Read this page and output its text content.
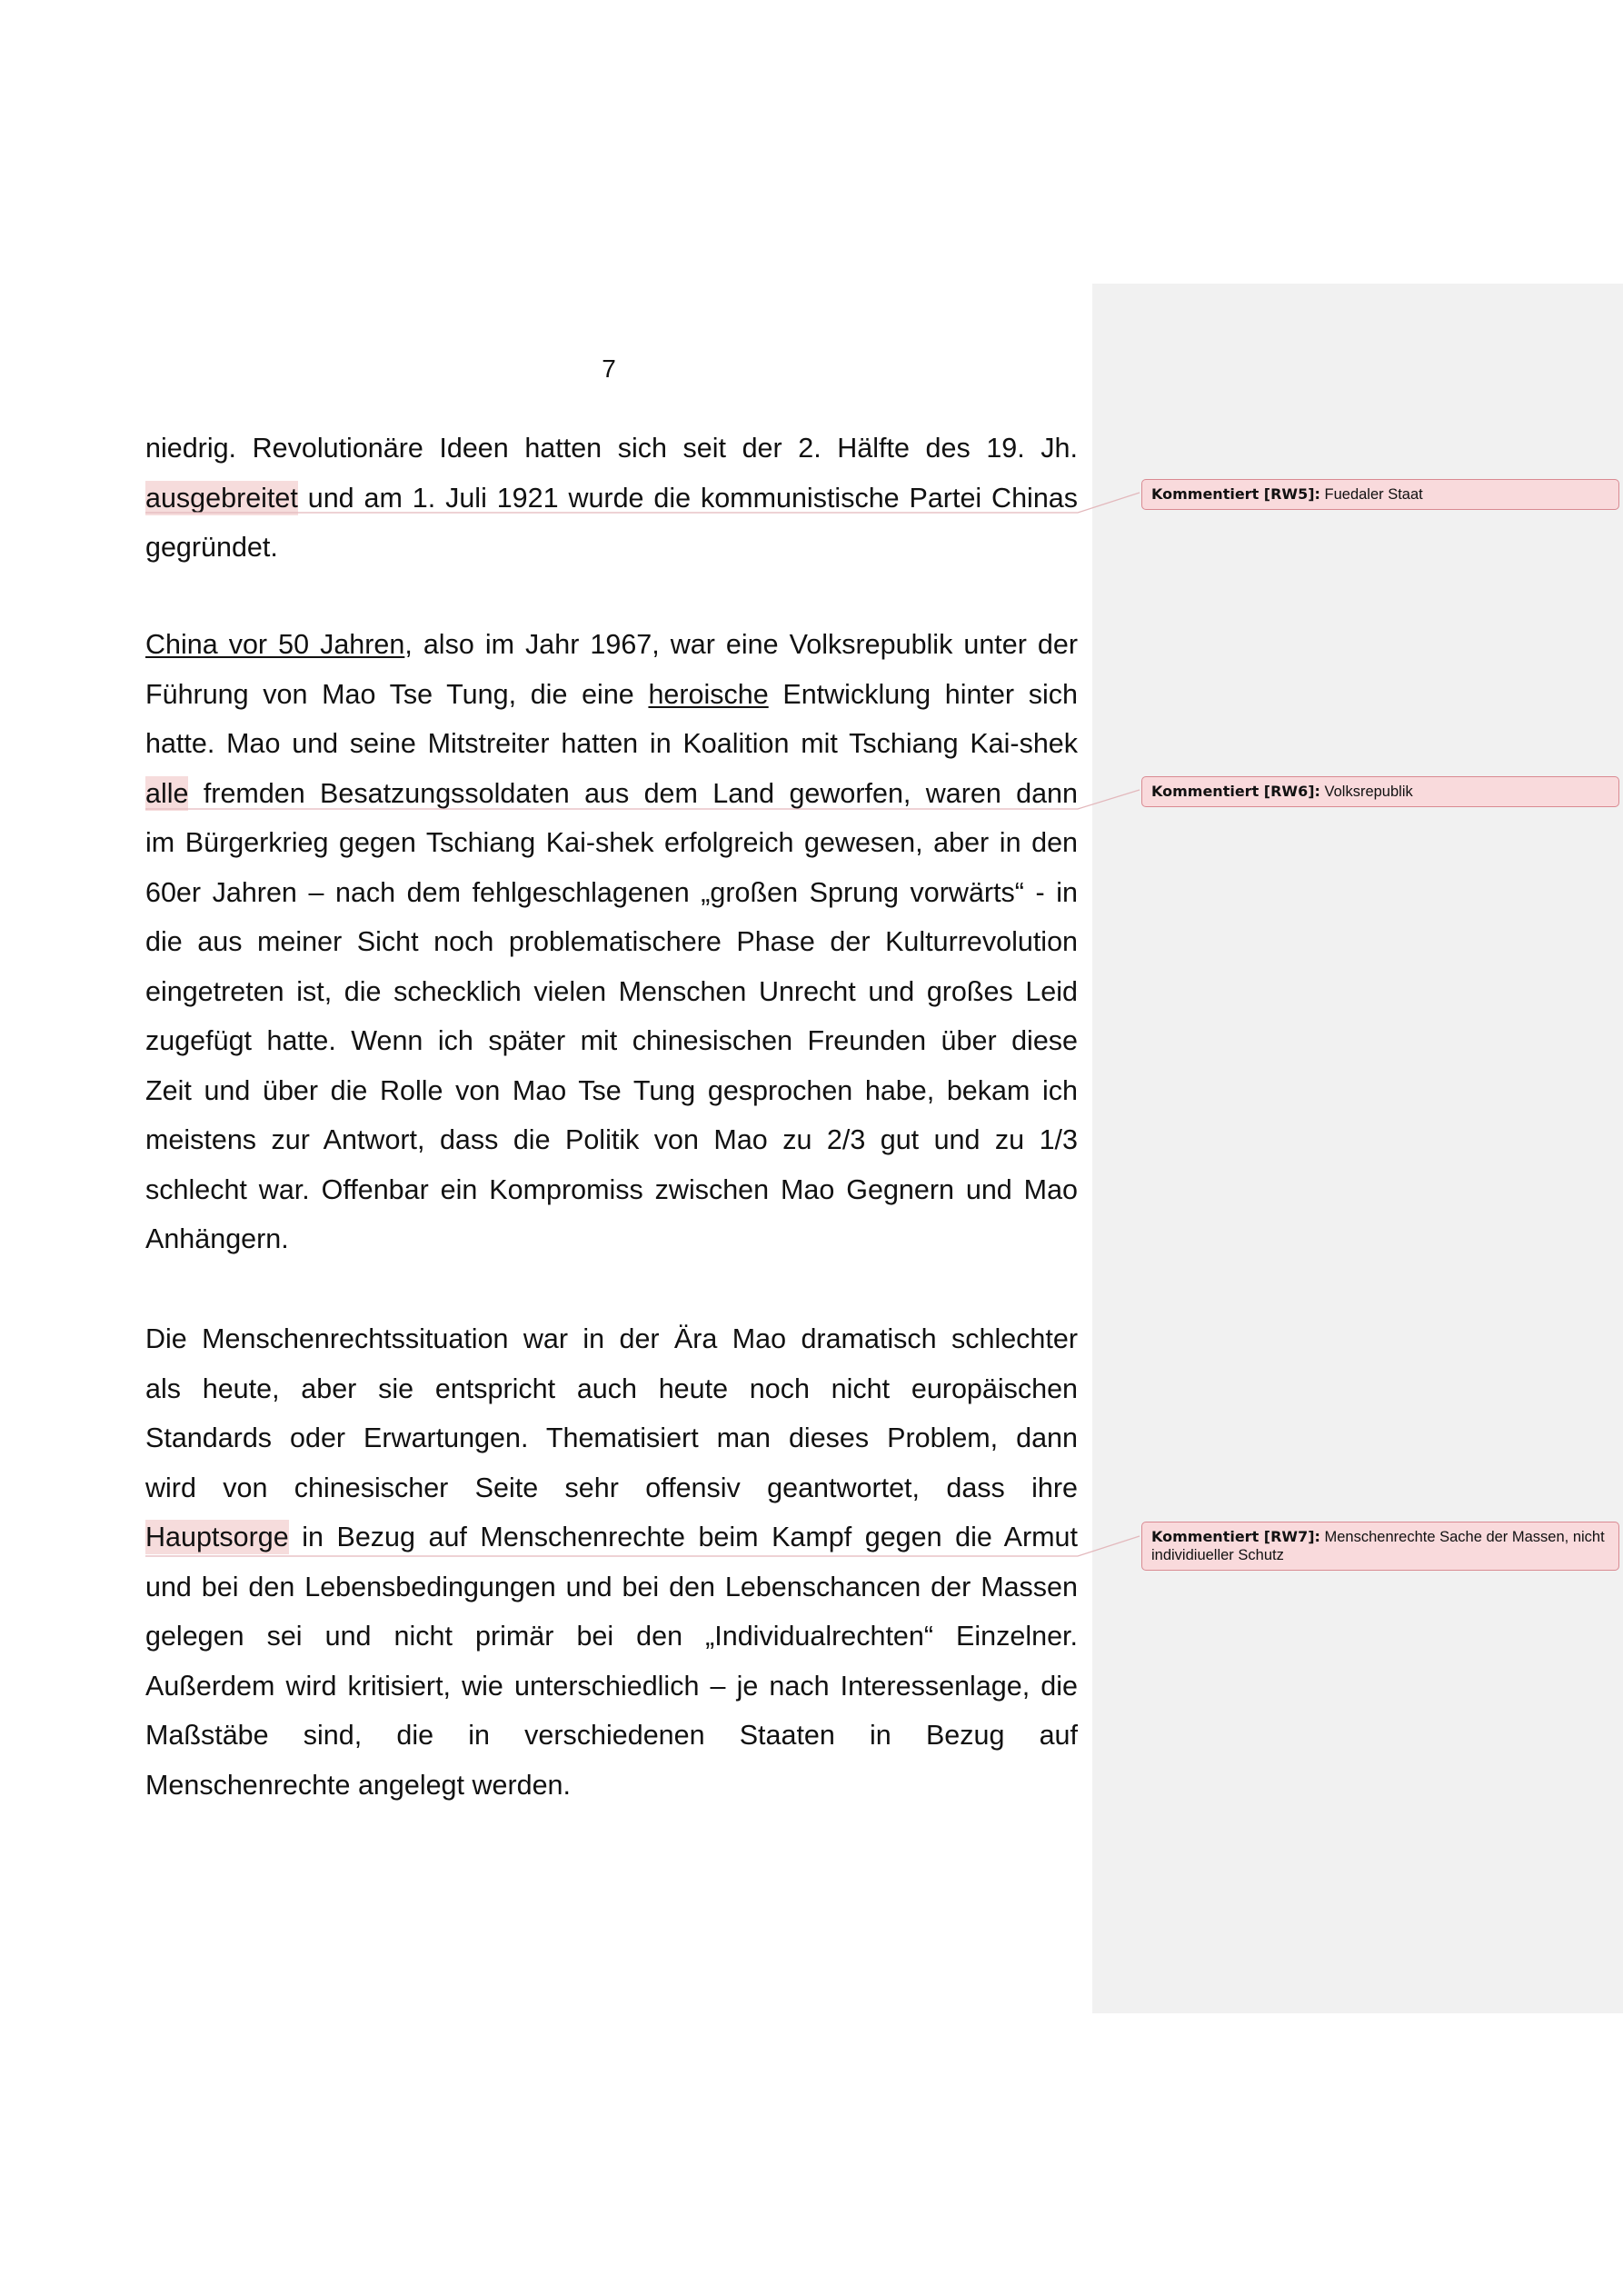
7
niedrig. Revolutionäre Ideen hatten sich seit der 2. Hälfte des 19. Jh.
ausgebreitet und am 1. Juli 1921 wurde die kommunistische Partei Chinas
gegründet.
China vor 50 Jahren, also im Jahr 1967, war eine Volksrepublik unter der
Führung von Mao Tse Tung, die eine heroische Entwicklung hinter sich
hatte. Mao und seine Mitstreiter hatten in Koalition mit Tschiang Kai-shek
alle fremden Besatzungssoldaten aus dem Land geworfen, waren dann
im Bürgerkrieg gegen Tschiang Kai-shek erfolgreich gewesen, aber in den
60er Jahren – nach dem fehlgeschlagenen „großen Sprung vorwärts“ - in
die aus meiner Sicht noch problematischere Phase der Kulturrevolution
eingetreten ist, die schecklich vielen Menschen Unrecht und großes Leid
zugefügt hatte. Wenn ich später mit chinesischen Freunden über diese
Zeit und über die Rolle von Mao Tse Tung gesprochen habe, bekam ich
meistens zur Antwort, dass die Politik von Mao zu 2/3 gut und zu 1/3
schlecht war. Offenbar ein Kompromiss zwischen Mao Gegnern und Mao
Anhängern.
Die Menschenrechtssituation war in der Ära Mao dramatisch schlechter
als heute, aber sie entspricht auch heute noch nicht europäischen
Standards oder Erwartungen. Thematisiert man dieses Problem, dann
wird von chinesischer Seite sehr offensiv geantwortet, dass ihre
Hauptsorge in Bezug auf Menschenrechte beim Kampf gegen die Armut
und bei den Lebensbedingungen und bei den Lebenschancen der Massen
gelegen sei und nicht primär bei den „Individualrechten“ Einzelner.
Außerdem wird kritisiert, wie unterschiedlich – je nach Interessenlage, die
Maßstäbe sind, die in verschiedenen Staaten in Bezug auf
Menschenrechte angelegt werden.
Kommentiert [RW5]: Fuedaler Staat
Kommentiert [RW6]: Volksrepublik
Kommentiert [RW7]: Menschenrechte Sache der Massen, nicht individiueller Schutz
